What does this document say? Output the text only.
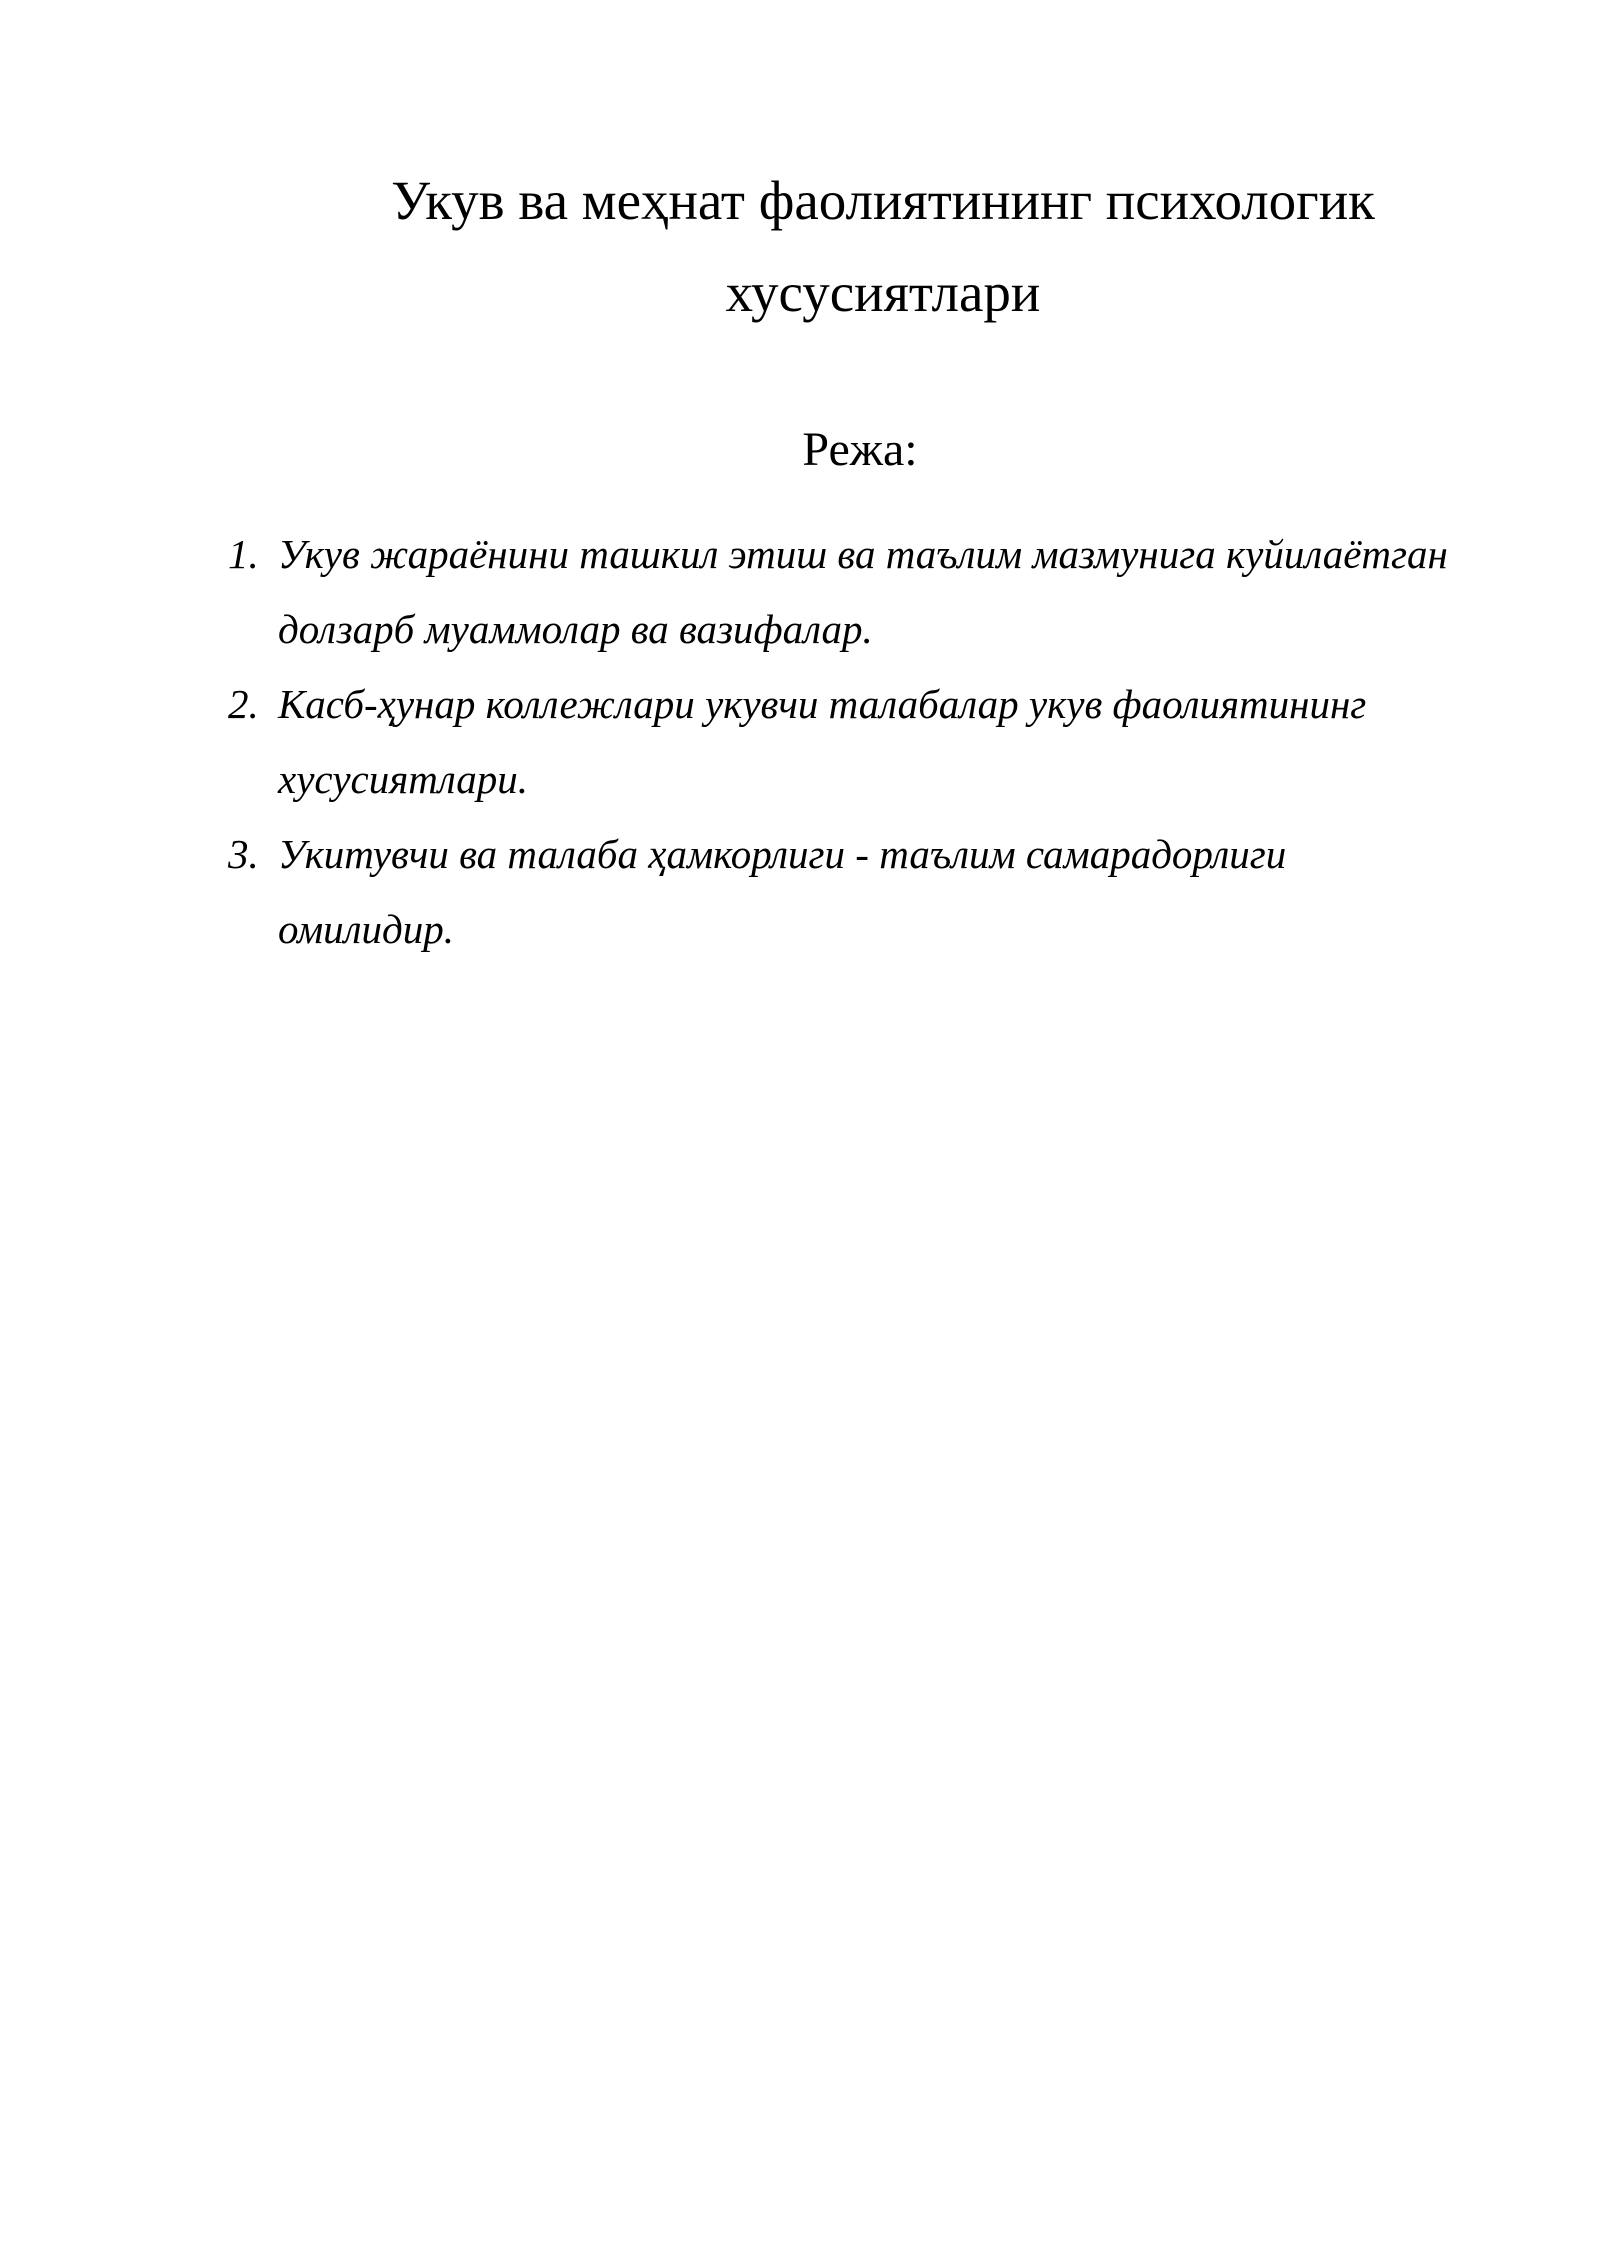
Укув ва меҳнат фаолиятининг психологик хусусиятлари
Режа:
1. Укув жараёнини ташкил этиш ва таълим мазмунига куйилаётган долзарб муаммолар ва вазифалар.
2. Касб-ҳунар коллежлари укувчи талабалар укув фаолиятининг хусусиятлари.
3. Укитувчи ва талаба ҳамкорлиги - таълим самарадорлиги омилидир.
